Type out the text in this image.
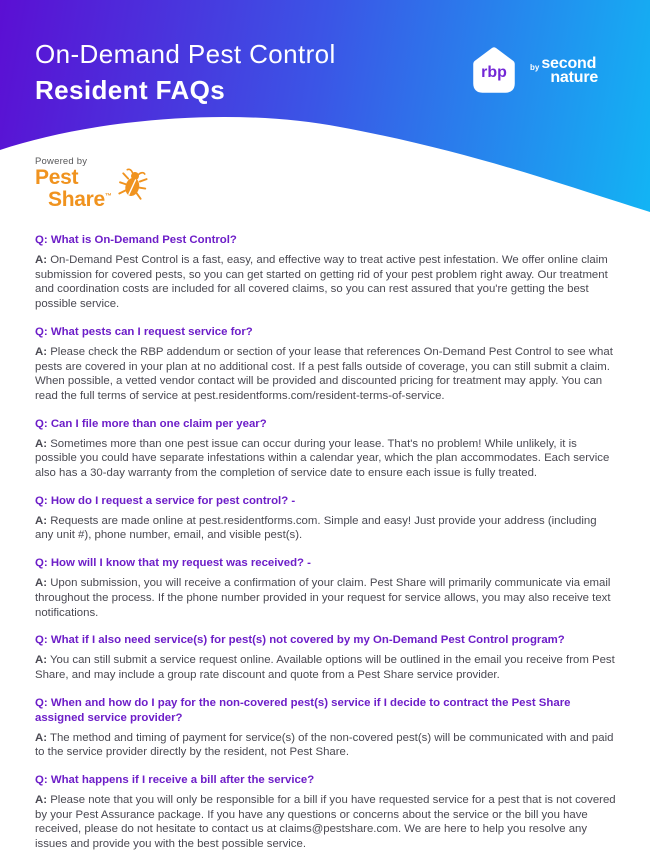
On-Demand Pest Control
Resident FAQs
rbp	by second
nature
Powered by
Pest
Share™
Q: What is On-Demand Pest Control?

A: On-Demand Pest Control is a fast, easy, and effective way to treat active pest infestation. We offer online claim submission for covered pests, so you can get started on getting rid of your pest problem right away. Our treatment and coordination costs are included for all covered claims, so you can rest assured that you're getting the best possible service.

Q: What pests can I request service for?

A: Please check the RBP addendum or section of your lease that references On-Demand Pest Control to see what pests are covered in your plan at no additional cost. If a pest falls outside of coverage, you can still submit a claim. When possible, a vetted vendor contact will be provided and discounted pricing for treatment may apply. You can read the full terms of service at pest.residentforms.com/resident-terms-of-service.

Q: Can I file more than one claim per year?

A: Sometimes more than one pest issue can occur during your lease. That's no problem! While unlikely, it is possible you could have separate infestations within a calendar year, which the plan accommodates. Each service also has a 30-day warranty from the completion of service date to ensure each issue is fully treated.

Q: How do I request a service for pest control? -

A: Requests are made online at pest.residentforms.com. Simple and easy! Just provide your address (including any unit #), phone number, email, and visible pest(s).

Q: How will I know that my request was received? -

A: Upon submission, you will receive a confirmation of your claim. Pest Share will primarily communicate via email throughout the process. If the phone number provided in your request for service allows, you may also receive text notifications.

Q: What if I also need service(s) for pest(s) not covered by my On-Demand Pest Control program?

A: You can still submit a service request online. Available options will be outlined in the email you receive from Pest Share, and may include a group rate discount and quote from a Pest Share service provider.

Q: When and how do I pay for the non-covered pest(s) service if I decide to contract the Pest Share assigned service provider?

A: The method and timing of payment for service(s) of the non-covered pest(s) will be communicated with and paid to the service provider directly by the resident, not Pest Share.

Q: What happens if I receive a bill after the service?

A: Please note that you will only be responsible for a bill if you have requested service for a pest that is not covered by your Pest Assurance package. If you have any questions or concerns about the service or the bill you have received, please do not hesitate to contact us at claims@pestshare.com. We are here to help you resolve any issues and provide you with the best possible service.
